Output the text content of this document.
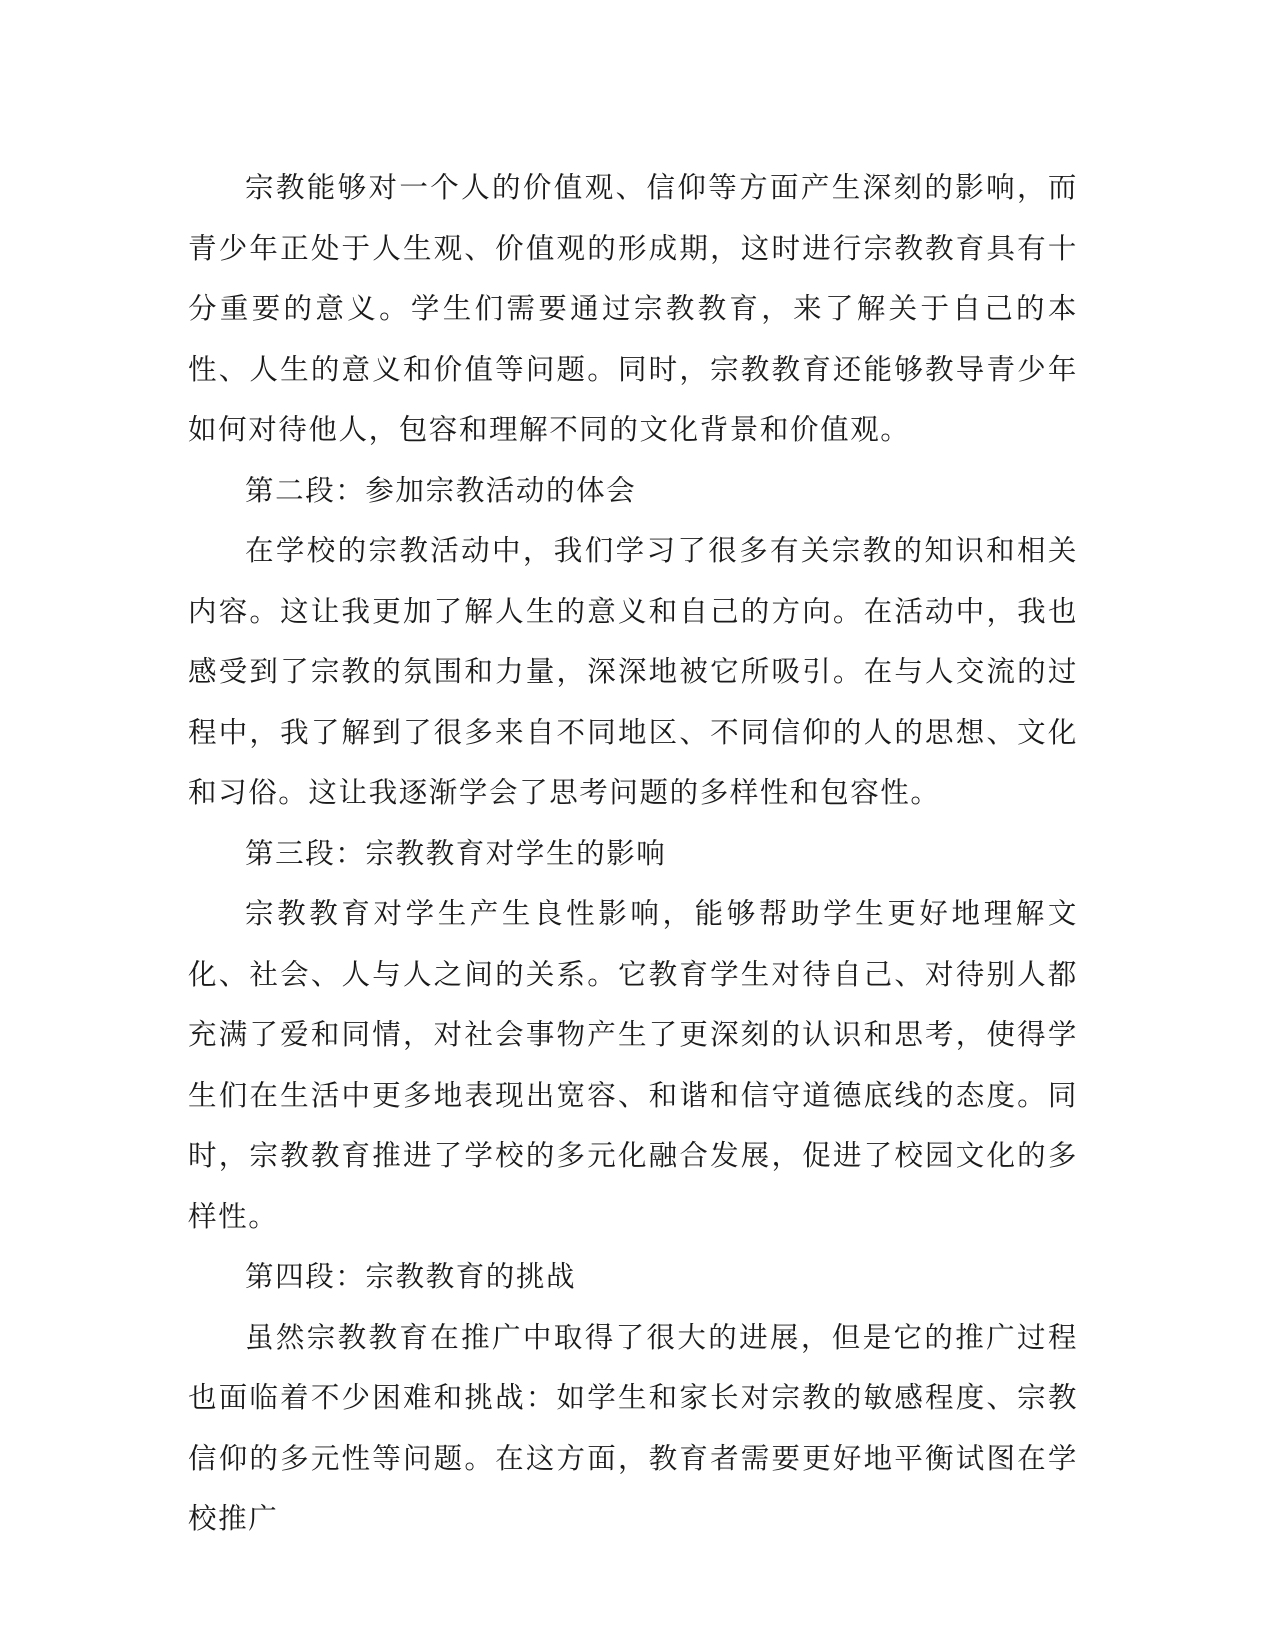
宗教能够对一个人的价值观、信仰等方面产生深刻的影响，而青少年正处于人生观、价值观的形成期，这时进行宗教教育具有十分重要的意义。学生们需要通过宗教教育，来了解关于自己的本性、人生的意义和价值等问题。同时，宗教教育还能够教导青少年如何对待他人，包容和理解不同的文化背景和价值观。

第二段：参加宗教活动的体会

在学校的宗教活动中，我们学习了很多有关宗教的知识和相关内容。这让我更加了解人生的意义和自己的方向。在活动中，我也感受到了宗教的氛围和力量，深深地被它所吸引。在与人交流的过程中，我了解到了很多来自不同地区、不同信仰的人的思想、文化和习俗。这让我逐渐学会了思考问题的多样性和包容性。

第三段：宗教教育对学生的影响

宗教教育对学生产生良性影响，能够帮助学生更好地理解文化、社会、人与人之间的关系。它教育学生对待自己、对待别人都充满了爱和同情，对社会事物产生了更深刻的认识和思考，使得学生们在生活中更多地表现出宽容、和谐和信守道德底线的态度。同时，宗教教育推进了学校的多元化融合发展，促进了校园文化的多样性。

第四段：宗教教育的挑战

虽然宗教教育在推广中取得了很大的进展，但是它的推广过程也面临着不少困难和挑战：如学生和家长对宗教的敏感程度、宗教信仰的多元性等问题。在这方面，教育者需要更好地平衡试图在学校推广
